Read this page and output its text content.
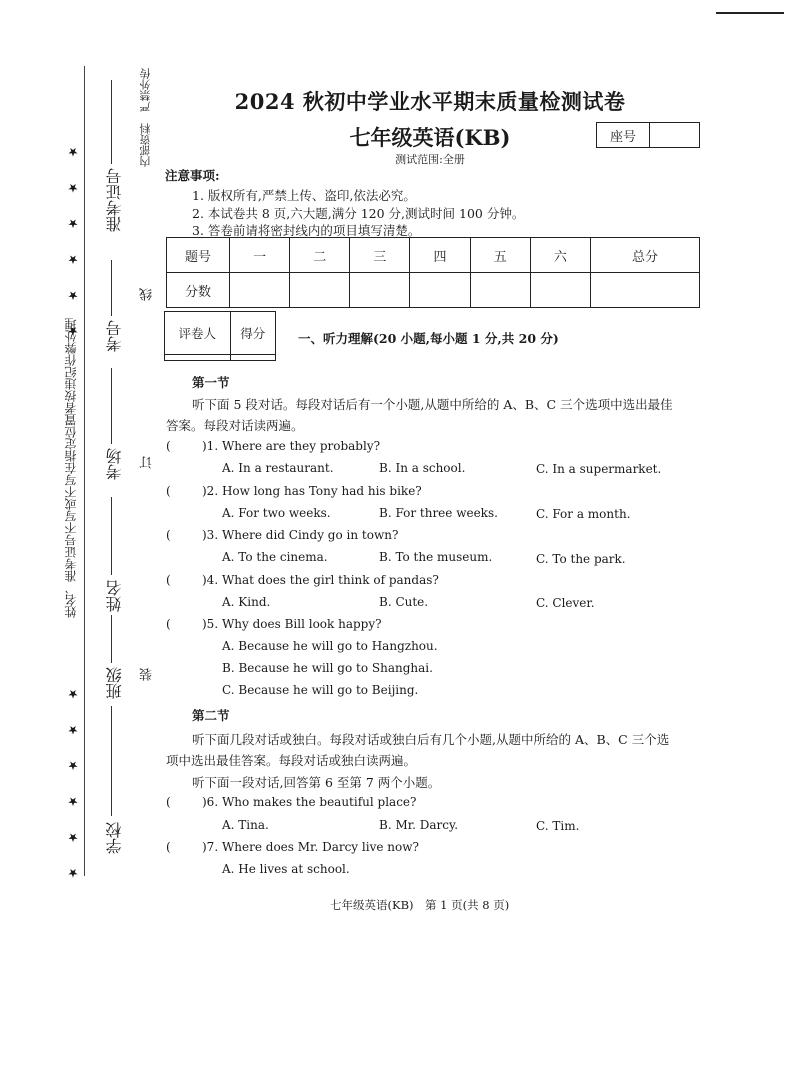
★ ★ ★ ★ ★ ★
★ ★ ★ ★ ★ ★
姓名、准考证号不写或不写在指定位置者按违纪作弊处理
学校
班级
姓名
考场
考号
准考证号
内部资料　严禁外传
线
订
装
2024 秋初中学业水平期末质量检测试卷
七年级英语(KB)	座号
测试范围:全册
注意事项:
1. 版权所有,严禁上传、盗印,依法必究。
2. 本试卷共 8 页,六大题,满分 120 分,测试时间 100 分钟。
3. 答卷前请将密封线内的项目填写清楚。
题号	一	二	三	四	五	六	总分
分数							
评卷人	得分
		一、听力理解(20 小题,每小题 1 分,共 20 分)
第一节
听下面 5 段对话。每段对话后有一个小题,从题中所给的 A、B、C 三个选项中选出最佳
答案。每段对话读两遍。
(	)1. Where are they probably?
A. In a restaurant.	B. In a school.	C. In a supermarket.
(	)2. How long has Tony had his bike?
A. For two weeks.	B. For three weeks.	C. For a month.
(	)3. Where did Cindy go in town?
A. To the cinema.	B. To the museum.	C. To the park.
(	)4. What does the girl think of pandas?
A. Kind.	B. Cute.	C. Clever.
(	)5. Why does Bill look happy?
A. Because he will go to Hangzhou.
B. Because he will go to Shanghai.
C. Because he will go to Beijing.
第二节
听下面几段对话或独白。每段对话或独白后有几个小题,从题中所给的 A、B、C 三个选
项中选出最佳答案。每段对话或独白读两遍。
听下面一段对话,回答第 6 至第 7 两个小题。
(	)6. Who makes the beautiful place?
A. Tina.	B. Mr. Darcy.	C. Tim.
(	)7. Where does Mr. Darcy live now?
A. He lives at school.
七年级英语(KB)　第 1 页(共 8 页)
